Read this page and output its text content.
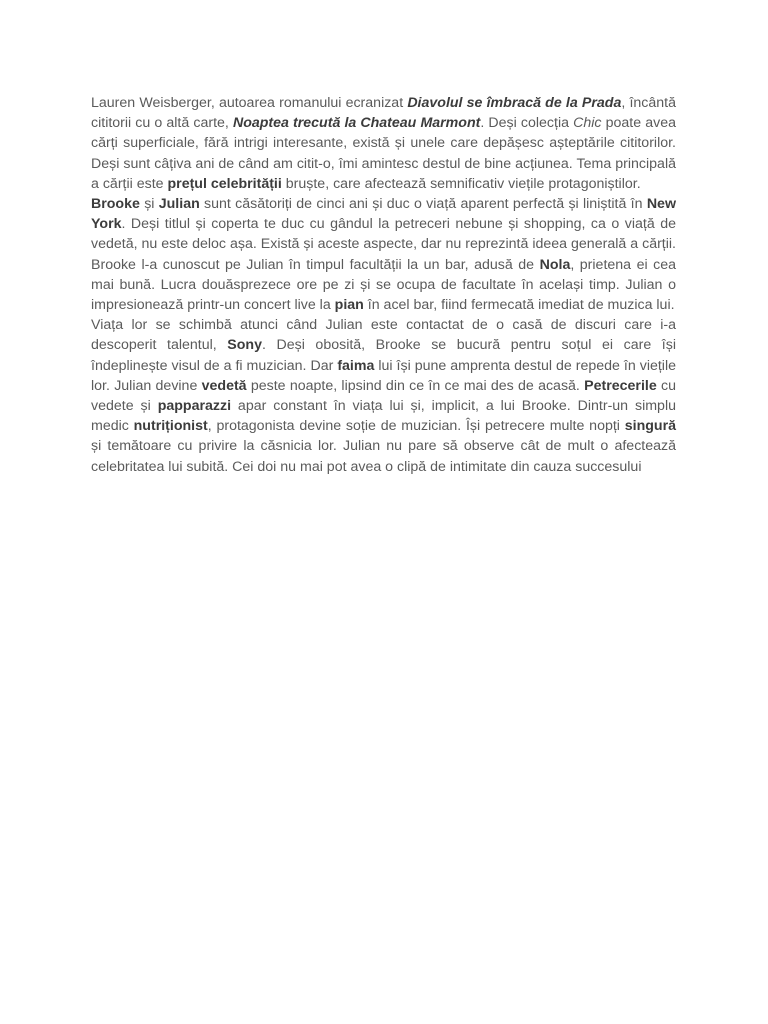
Lauren Weisberger, autoarea romanului ecranizat Diavolul se îmbracă de la Prada, încântă cititorii cu o altă carte, Noaptea trecută la Chateau Marmont. Deși colecția Chic poate avea cărți superficiale, fără intrigi interesante, există și unele care depășesc așteptările cititorilor. Deși sunt câțiva ani de când am citit-o, îmi amintesc destul de bine acțiunea. Tema principală a cărții este prețul celebrității bruște, care afectează semnificativ viețile protagoniștilor.

Brooke și Julian sunt căsătoriți de cinci ani și duc o viață aparent perfectă și liniștită în New York. Deși titlul și coperta te duc cu gândul la petreceri nebune și shopping, ca o viață de vedetă, nu este deloc așa. Există și aceste aspecte, dar nu reprezintă ideea generală a cărții. Brooke l-a cunoscut pe Julian în timpul facultății la un bar, adusă de Nola, prietena ei cea mai bună. Lucra douăsprezece ore pe zi și se ocupa de facultate în același timp. Julian o impresionează printr-un concert live la pian în acel bar, fiind fermecată imediat de muzica lui.

Viața lor se schimbă atunci când Julian este contactat de o casă de discuri care i-a descoperit talentul, Sony. Deși obosită, Brooke se bucură pentru soțul ei care își îndeplinește visul de a fi muzician. Dar faima lui își pune amprenta destul de repede în viețile lor. Julian devine vedetă peste noapte, lipsind din ce în ce mai des de acasă. Petrecerile cu vedete și papparazzi apar constant în viața lui și, implicit, a lui Brooke. Dintr-un simplu medic nutriționist, protagonista devine soție de muzician. Își petrecere multe nopți singură și temătoare cu privire la căsnicia lor. Julian nu pare să observe cât de mult o afectează celebritatea lui subită. Cei doi nu mai pot avea o clipă de intimitate din cauza succesului
